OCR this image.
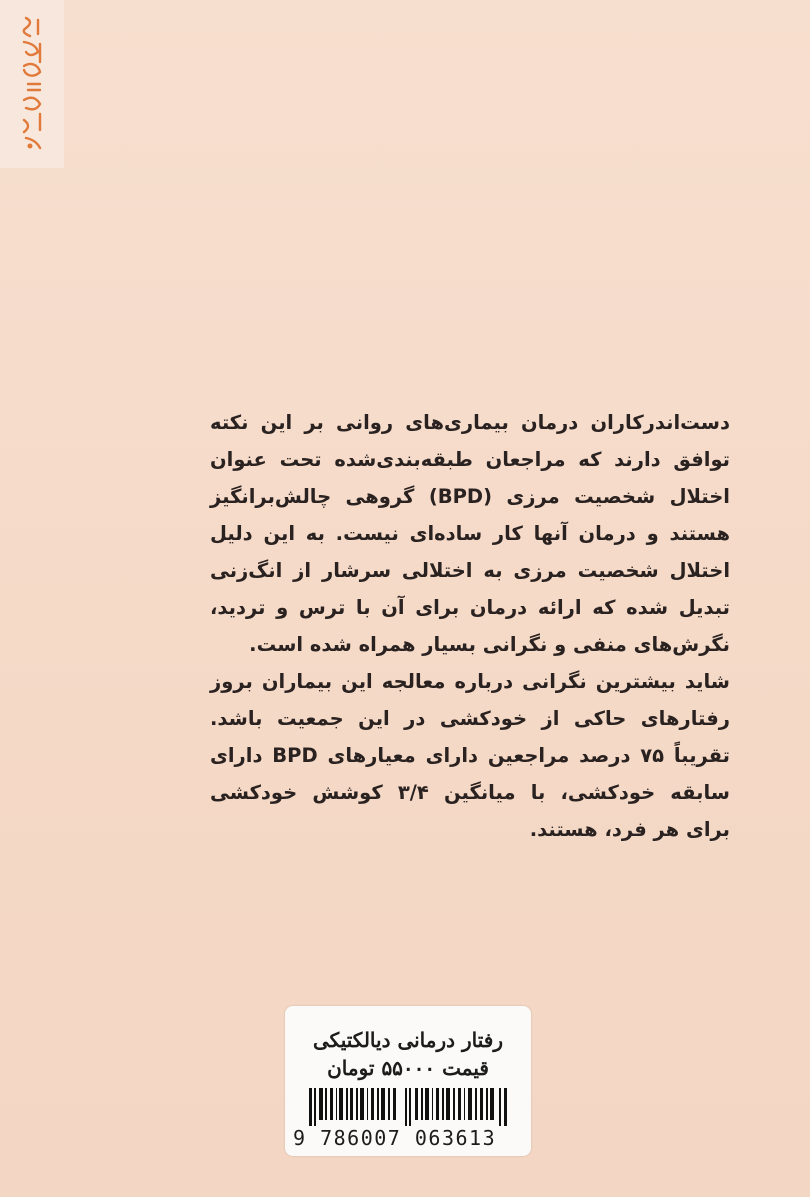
دست‌اندرکاران درمان بیماری‌های روانی بر این نکته توافق دارند که مراجعان طبقه‌بندی‌شده تحت عنوان اختلال شخصیت مرزی (BPD) گروهی چالش‌برانگیز هستند و درمان آنها کار ساده‌ای نیست. به این دلیل اختلال شخصیت مرزی به اختلالی سرشار از انگ‌زنی تبدیل شده که ارائه درمان برای آن با ترس و تردید، نگرش‌های منفی و نگرانی بسیار همراه شده است.

شاید بیشترین نگرانی درباره معالجه این بیماران بروز رفتارهای حاکی از خودکشی در این جمعیت باشد. تقریباً ۷۵ درصد مراجعین دارای معیارهای BPD دارای سابقه خودکشی، با میانگین ۳/۴ کوشش خودکشی برای هر فرد، هستند.

رفتار درمانی دیالکتیکی
قیمت ۵۵۰۰۰ تومان
9 786007 063613
